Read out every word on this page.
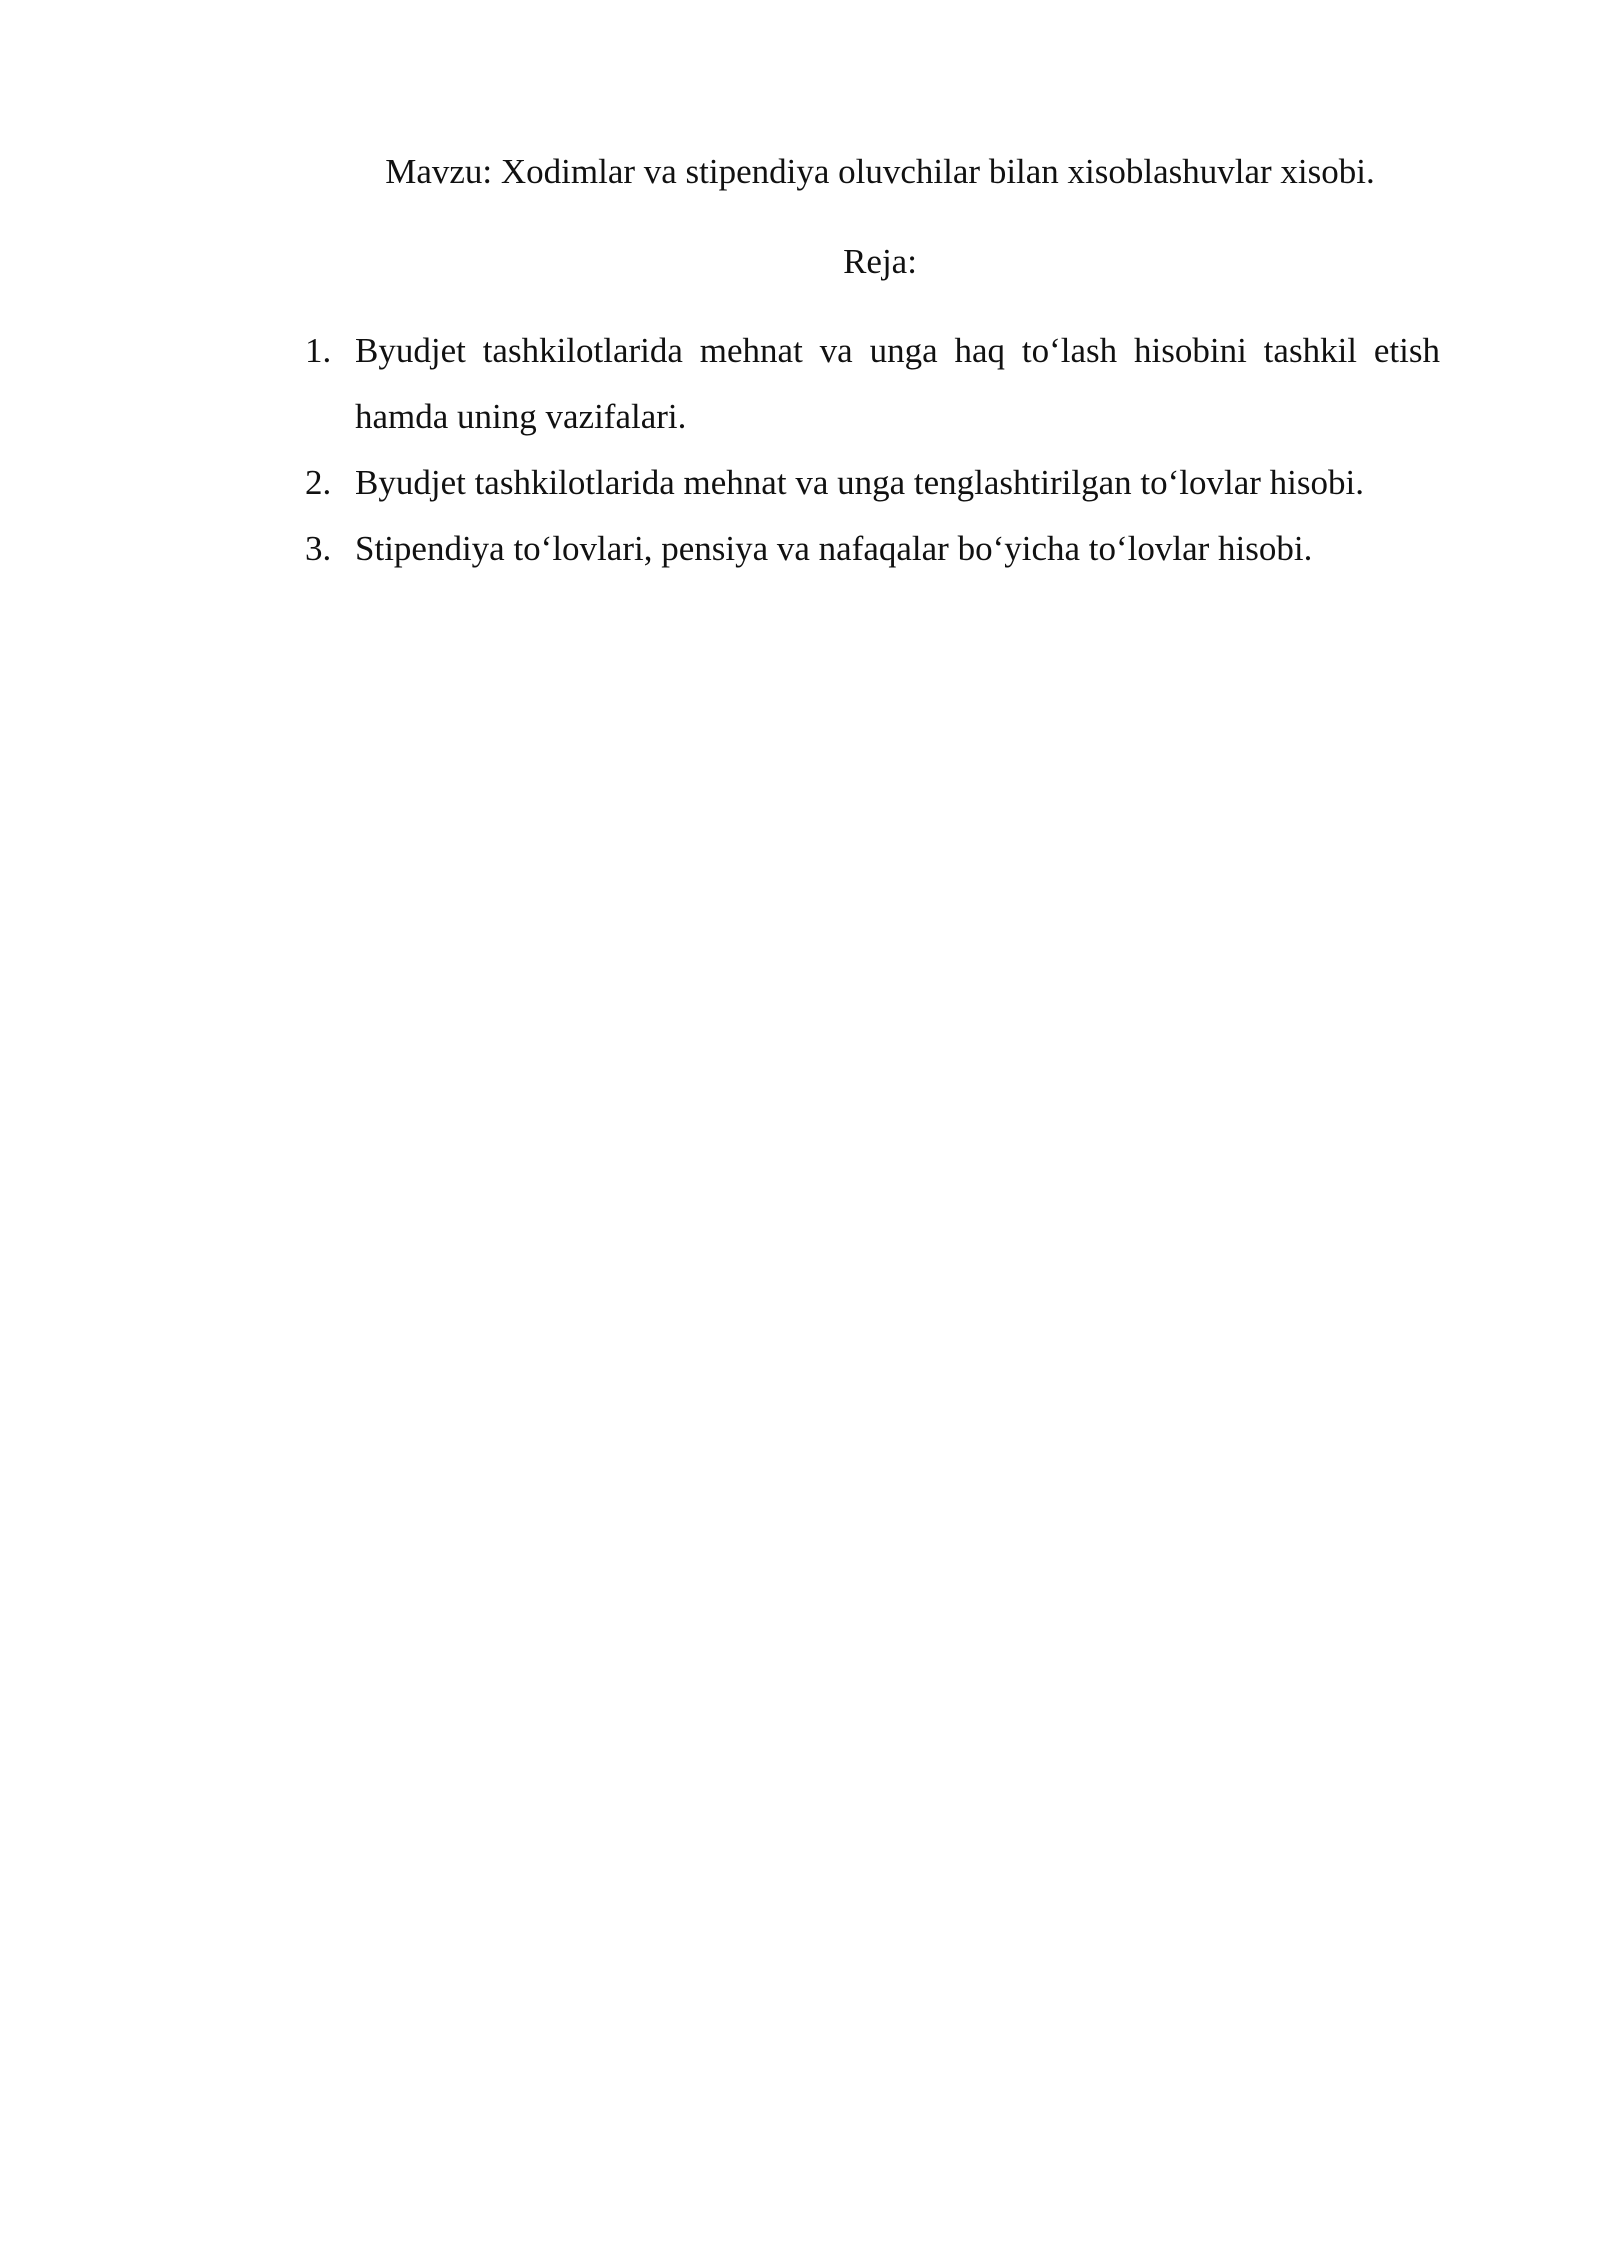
Mavzu: Xodimlar va stipendiya oluvchilar bilan xisoblashuvlar xisobi.
Reja:
1. Byudjet tashkilotlarida mehnat va unga haq to‘lash hisobini tashkil etish hamda uning vazifalari.
2. Byudjet tashkilotlarida mehnat va unga tenglashtirilgan to‘lovlar hisobi.
3. Stipendiya to‘lovlari, pensiya va nafaqalar bo‘yicha to‘lovlar hisobi.
